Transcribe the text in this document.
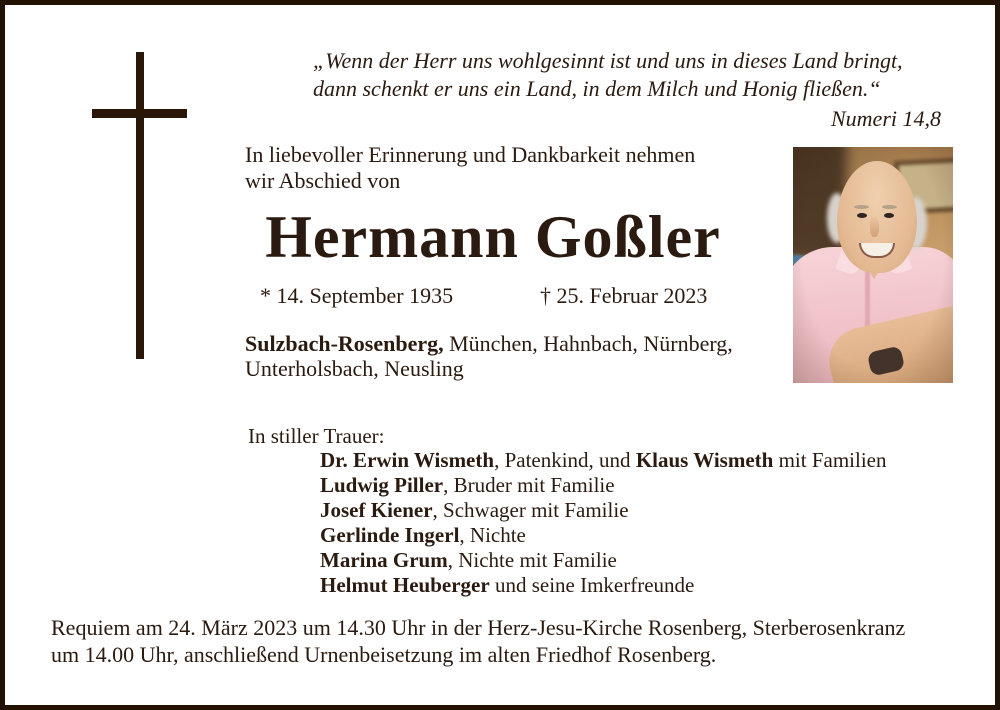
„Wenn der Herr uns wohlgesinnt ist und uns in dieses Land bringt,
dann schenkt er uns ein Land, in dem Milch und Honig fließen.“
Numeri 14,8
In liebevoller Erinnerung und Dankbarkeit nehmen
wir Abschied von
Hermann Goßler
* 14. September 1935	† 25. Februar 2023
Sulzbach-Rosenberg, München, Hahnbach, Nürnberg,
Unterholsbach, Neusling
In stiller Trauer:
Dr. Erwin Wismeth, Patenkind, und Klaus Wismeth mit Familien
Ludwig Piller, Bruder mit Familie
Josef Kiener, Schwager mit Familie
Gerlinde Ingerl, Nichte
Marina Grum, Nichte mit Familie
Helmut Heuberger und seine Imkerfreunde
Requiem am 24. März 2023 um 14.30 Uhr in der Herz-Jesu-Kirche Rosenberg, Sterberosenkranz
um 14.00 Uhr, anschließend Urnenbeisetzung im alten Friedhof Rosenberg.
